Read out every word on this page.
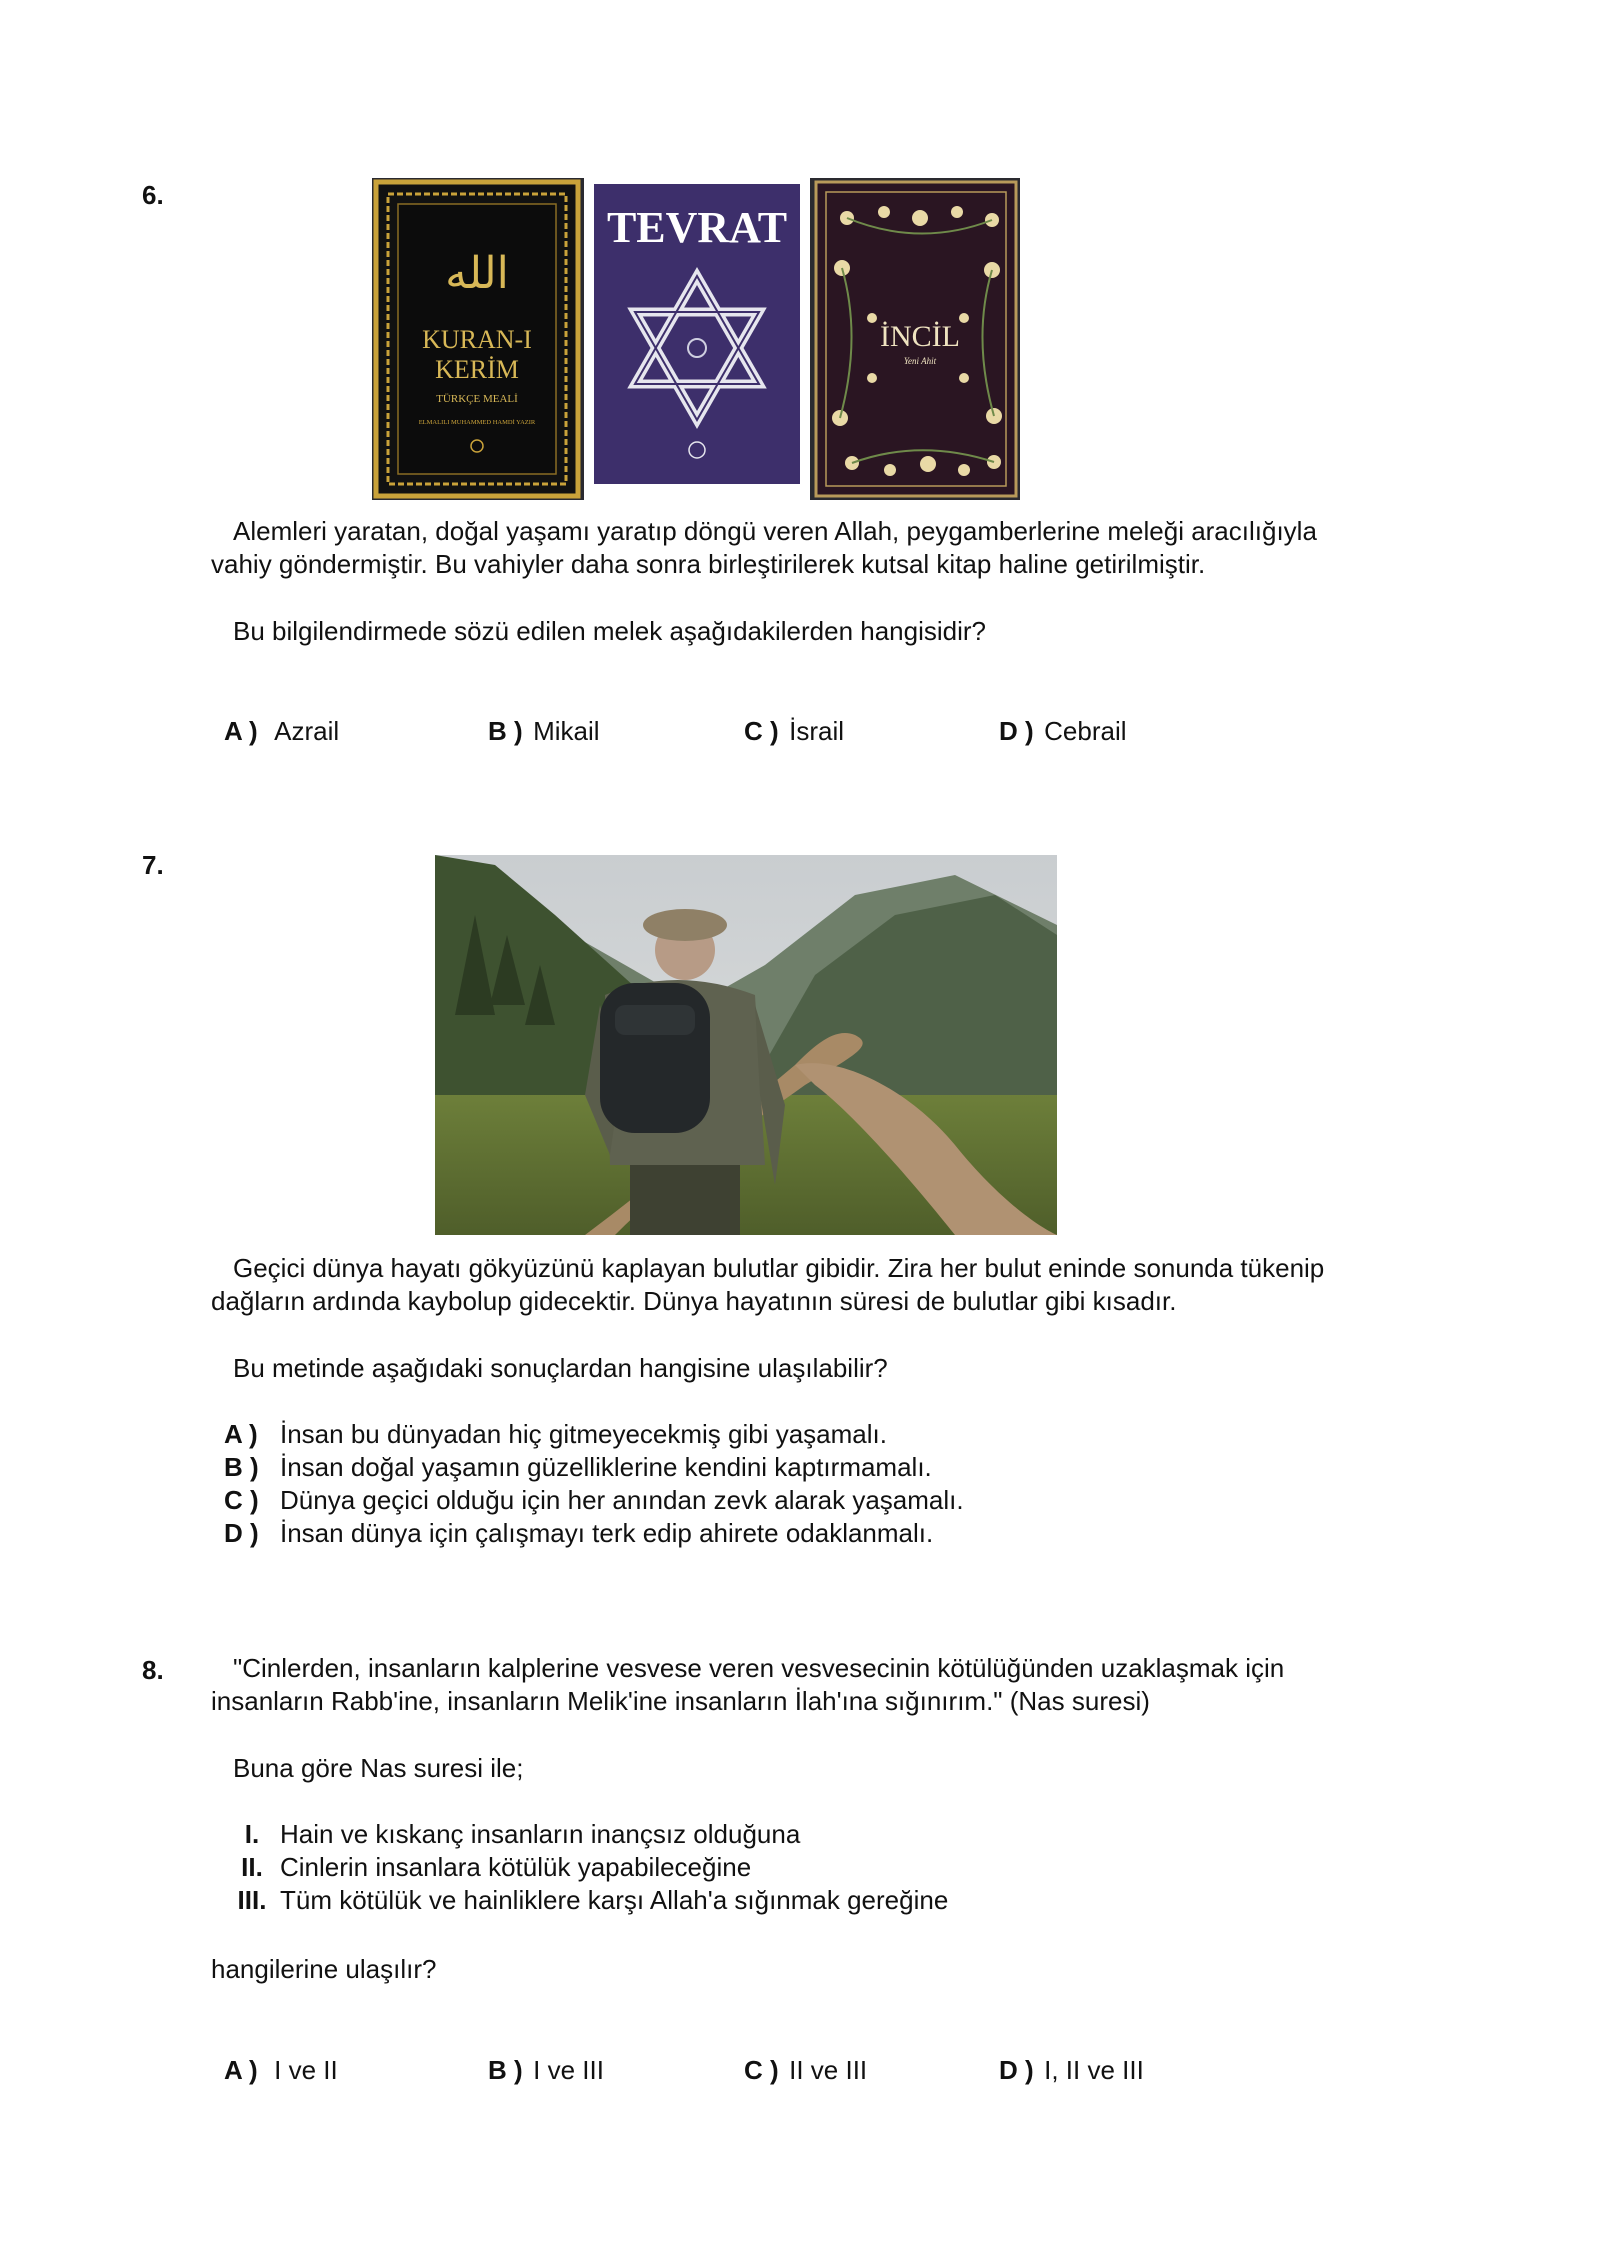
6.
الله
KURAN-I
KERİM
TÜRKÇE MEALİ
ELMALILI MUHAMMED HAMDİ YAZIR
TEVRAT
İNCİL
Yeni Ahit
Alemleri yaratan, doğal yaşamı yaratıp döngü veren Allah, peygamberlerine meleği aracılığıyla
vahiy göndermiştir. Bu vahiyler daha sonra birleştirilerek kutsal kitap haline getirilmiştir.
Bu bilgilendirmede sözü edilen melek aşağıdakilerden hangisidir?
A ) Azrail	B ) Mikail	C ) İsrail	D ) Cebrail
7.
Geçici dünya hayatı gökyüzünü kaplayan bulutlar gibidir. Zira her bulut eninde sonunda tükenip
dağların ardında kaybolup gidecektir. Dünya hayatının süresi de bulutlar gibi kısadır.
Bu metinde aşağıdaki sonuçlardan hangisine ulaşılabilir?
A ) İnsan bu dünyadan hiç gitmeyecekmiş gibi yaşamalı.
B ) İnsan doğal yaşamın güzelliklerine kendini kaptırmamalı.
C ) Dünya geçici olduğu için her anından zevk alarak yaşamalı.
D ) İnsan dünya için çalışmayı terk edip ahirete odaklanmalı.
8.	"Cinlerden, insanların kalplerine vesvese veren vesvesecinin kötülüğünden uzaklaşmak için
insanların Rabb'ine, insanların Melik'ine insanların İlah'ına sığınırım." (Nas suresi)
Buna göre Nas suresi ile;
I. Hain ve kıskanç insanların inançsız olduğuna
II. Cinlerin insanlara kötülük yapabileceğine
III. Tüm kötülük ve hainliklere karşı Allah'a sığınmak gereğine
hangilerine ulaşılır?
A ) I ve II	B ) I ve III	C ) II ve III	D ) I, II ve III
